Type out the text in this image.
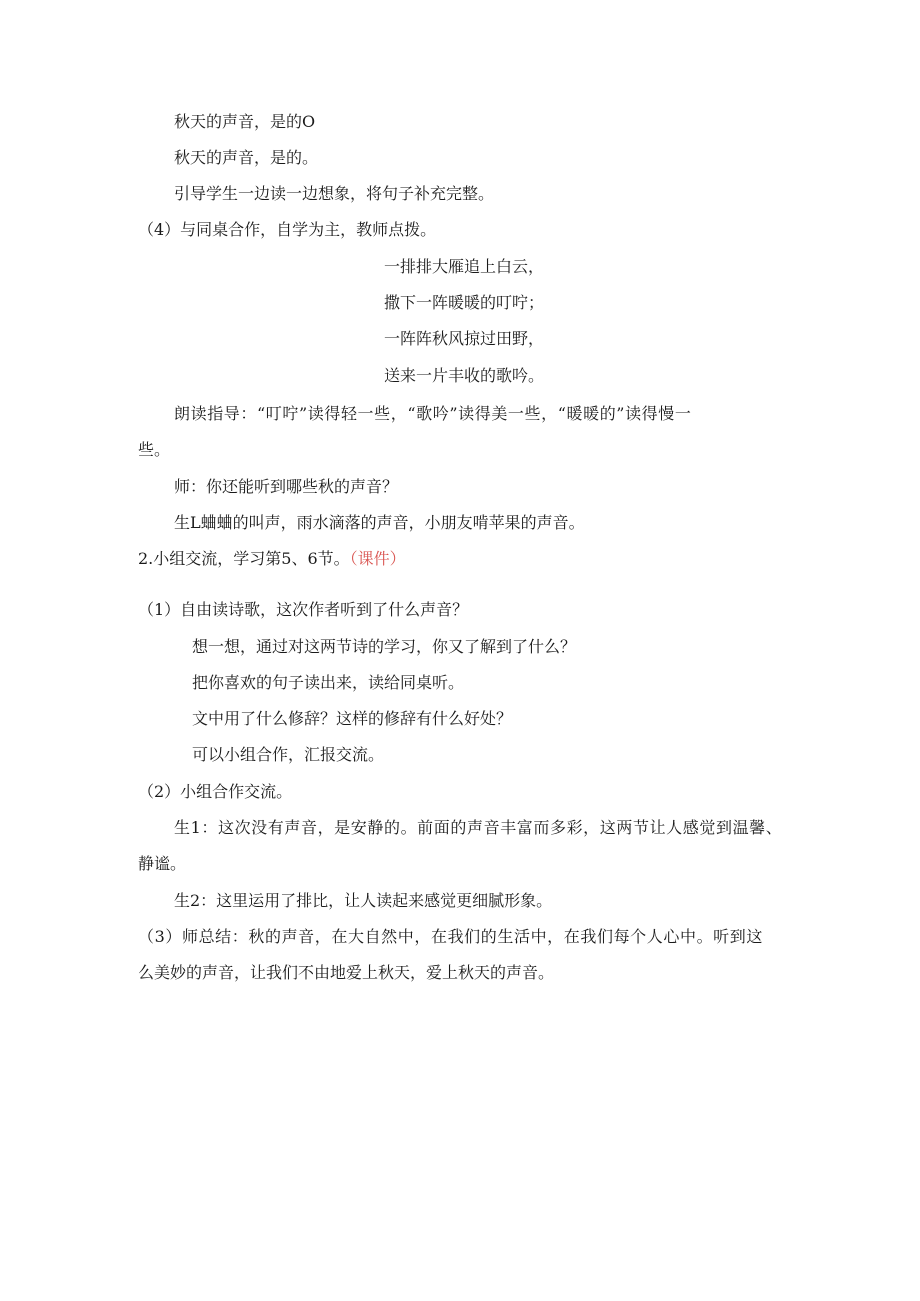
秋天的声音，是的O
秋天的声音，是的。
引导学生一边读一边想象，将句子补充完整。
（4）与同桌合作，自学为主，教师点拨。
一排排大雁追上白云，
撒下一阵暖暖的叮咛；
一阵阵秋风掠过田野，
送来一片丰收的歌吟。
朗读指导：“叮咛”读得轻一些，“歌吟”读得美一些，“暖暖的”读得慢一
些。
师：你还能听到哪些秋的声音？
生L蛐蛐的叫声，雨水滴落的声音，小朋友啃苹果的声音。
2.小组交流，学习第5、6节。（课件）
（1）自由读诗歌，这次作者听到了什么声音？
想一想，通过对这两节诗的学习，你又了解到了什么？
把你喜欢的句子读出来，读给同桌听。
文中用了什么修辞？这样的修辞有什么好处？
可以小组合作，汇报交流。
（2）小组合作交流。
生1：这次没有声音，是安静的。前面的声音丰富而多彩，这两节让人感觉到温馨、
静谧。
生2：这里运用了排比，让人读起来感觉更细腻形象。
（3）师总结：秋的声音，在大自然中，在我们的生活中，在我们每个人心中。听到这
么美妙的声音，让我们不由地爱上秋天，爱上秋天的声音。
